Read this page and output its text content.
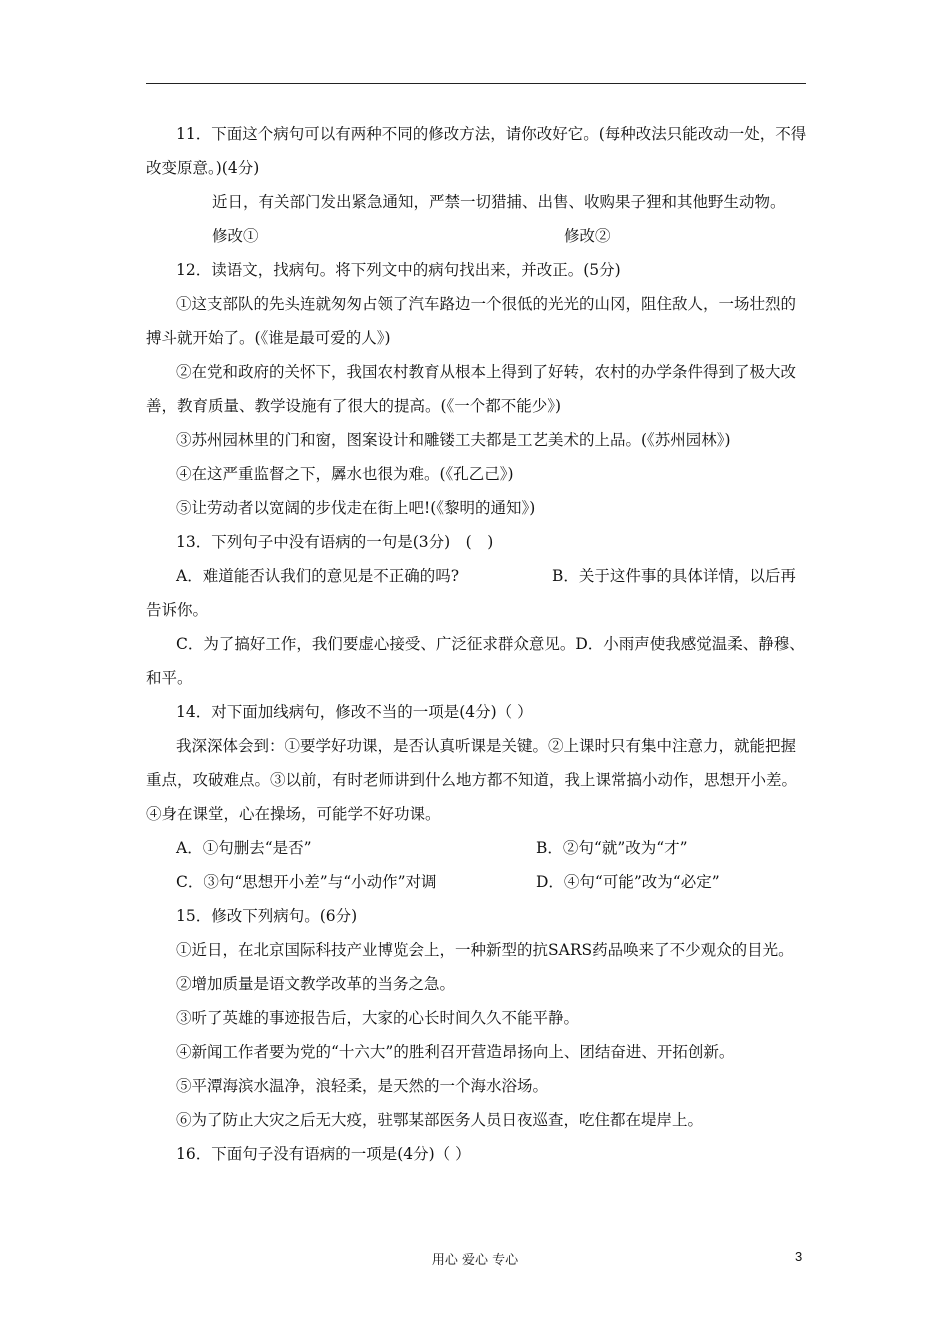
11．下面这个病句可以有两种不同的修改方法，请你改好它。(每种改法只能改动一处，不得改变原意。)(4分)

近日，有关部门发出紧急通知，严禁一切猎捕、出售、收购果子狸和其他野生动物。

修改①	修改②

12．读语文，找病句。将下列文中的病句找出来，并改正。(5分)

①这支部队的先头连就匆匆占领了汽车路边一个很低的光光的山冈，阻住敌人，一场壮烈的搏斗就开始了。(《谁是最可爱的人》)

②在党和政府的关怀下，我国农村教育从根本上得到了好转，农村的办学条件得到了极大改善，教育质量、教学设施有了很大的提高。(《一个都不能少》)

③苏州园林里的门和窗，图案设计和雕镂工夫都是工艺美术的上品。(《苏州园林》)

④在这严重监督之下，羼水也很为难。(《孔乙己》)

⑤让劳动者以宽阔的步伐走在街上吧!(《黎明的通知》)

13．下列句子中没有语病的一句是(3分)　(　)

A．难道能否认我们的意见是不正确的吗?　　　　　　B．关于这件事的具体详情，以后再告诉你。

C．为了搞好工作，我们要虚心接受、广泛征求群众意见。D．小雨声使我感觉温柔、静穆、和平。

14．对下面加线病句，修改不当的一项是(4分)（ ）

我深深体会到：①要学好功课，是否认真听课是关键。②上课时只有集中注意力，就能把握重点，攻破难点。③以前，有时老师讲到什么地方都不知道，我上课常搞小动作，思想开小差。④身在课堂，心在操场，可能学不好功课。

A．①句删去“是否”	B．②句“就”改为“才”

C．③句“思想开小差”与“小动作”对调	D．④句“可能”改为“必定”

15．修改下列病句。(6分)

①近日，在北京国际科技产业博览会上，一种新型的抗SARS药品唤来了不少观众的目光。

②增加质量是语文教学改革的当务之急。

③听了英雄的事迹报告后，大家的心长时间久久不能平静。

④新闻工作者要为党的“十六大”的胜利召开营造昂扬向上、团结奋进、开拓创新。

⑤平潭海滨水温净，浪轻柔，是天然的一个海水浴场。

⑥为了防止大灾之后无大疫，驻鄂某部医务人员日夜巡查，吃住都在堤岸上。

16．下面句子没有语病的一项是(4分)（ ）

用心 爱心 专心	3
